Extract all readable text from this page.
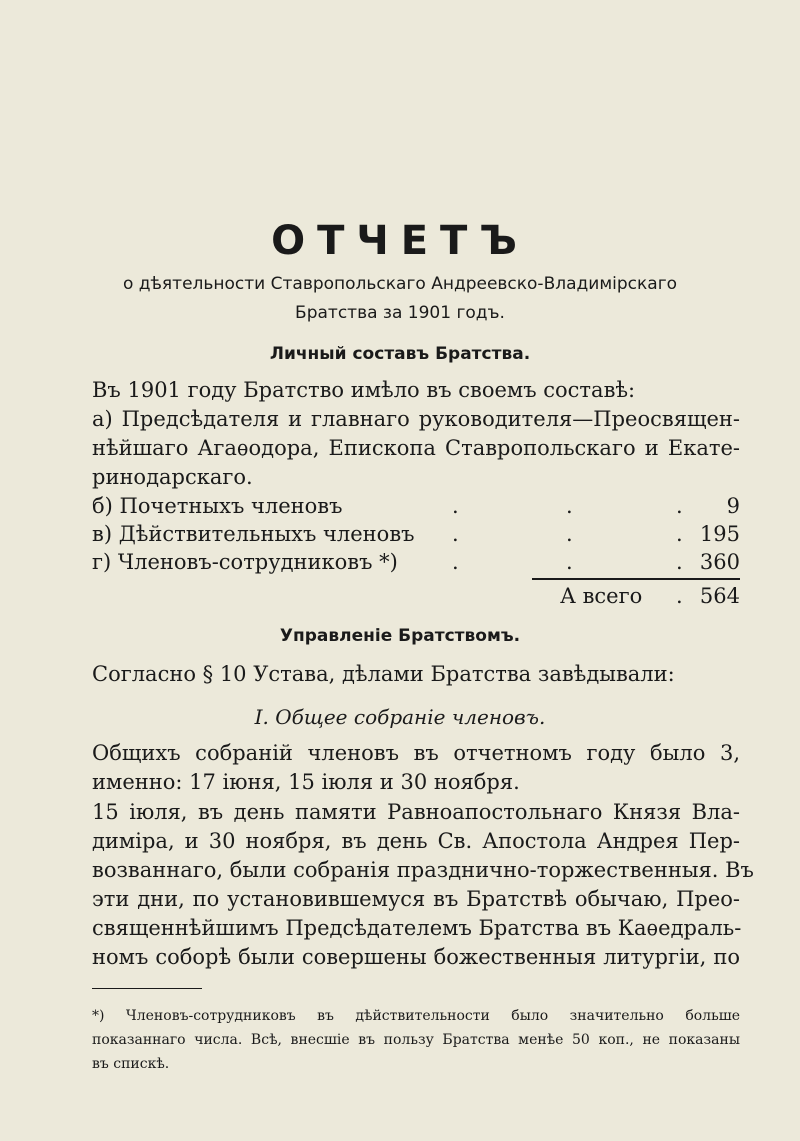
ОТЧЕТЪ
о дѣятельности Ставропольскаго Андреевско-Владимірскаго
Братства за 1901 годъ.
Личный составъ Братства.
Въ 1901 году Братство имѣло въ своемъ составѣ:
а) Предсѣдателя и главнаго руководителя—Преосвящен-
нѣйшаго Агаѳодора, Епископа Ставропольскаго и Екате-
ринодарскаго.
б) Почетныхъ членовъ	.	.	. 9
в) Дѣйствительныхъ членовъ .	.	. 195
г) Членовъ-сотрудниковъ *)	.	.	. 360
А всего . 564
Управленіе Братствомъ.
Согласно § 10 Устава, дѣлами Братства завѣдывали:
I. Общее собраніе членовъ.
Общихъ собраній членовъ въ отчетномъ году было 3,
именно: 17 іюня, 15 іюля и 30 ноября.
15 іюля, въ день памяти Равноапостольнаго Князя Вла-
диміра, и 30 ноября, въ день Св. Апостола Андрея Пер-
возваннаго, были собранія празднично-торжественныя. Въ
эти дни, по установившемуся въ Братствѣ обычаю, Прео-
священнѣйшимъ Предсѣдателемъ Братства въ Каѳедраль-
номъ соборѣ были совершены божественныя литургіи, по
*) Членовъ-сотрудниковъ въ дѣйствительности было значительно больше
показаннаго числа. Всѣ, внесшіе въ пользу Братства менѣе 50 коп., не показаны
въ спискѣ.
